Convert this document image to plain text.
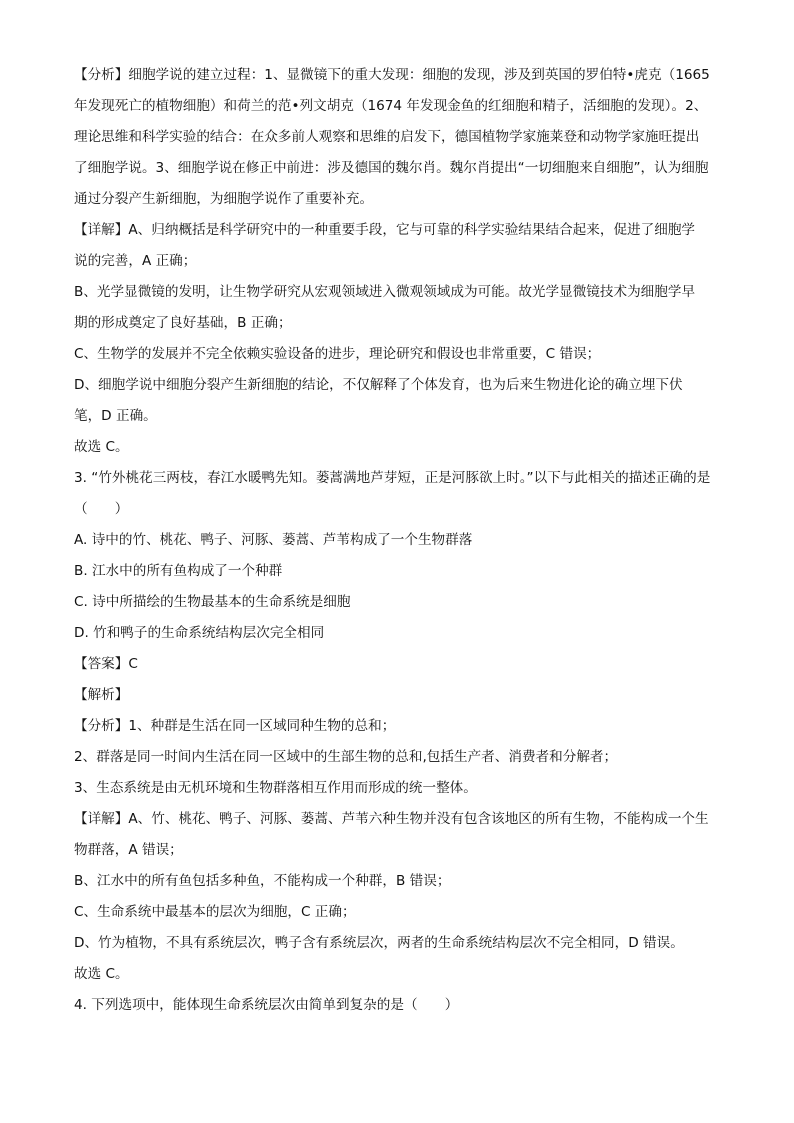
【分析】细胞学说的建立过程：1、显微镜下的重大发现：细胞的发现，涉及到英国的罗伯特•虎克（1665
年发现死亡的植物细胞）和荷兰的范•列文胡克（1674 年发现金鱼的红细胞和精子，活细胞的发现）。2、
理论思维和科学实验的结合：在众多前人观察和思维的启发下，德国植物学家施莱登和动物学家施旺提出
了细胞学说。3、细胞学说在修正中前进：涉及德国的魏尔肖。魏尔肖提出“一切细胞来自细胞”，认为细胞
通过分裂产生新细胞，为细胞学说作了重要补充。
【详解】A、归纳概括是科学研究中的一种重要手段，它与可靠的科学实验结果结合起来，促进了细胞学
说的完善，A 正确；
B、光学显微镜的发明，让生物学研究从宏观领域进入微观领域成为可能。故光学显微镜技术为细胞学早
期的形成奠定了良好基础，B 正确；
C、生物学的发展并不完全依赖实验设备的进步，理论研究和假设也非常重要，C 错误；
D、细胞学说中细胞分裂产生新细胞的结论，不仅解释了个体发育，也为后来生物进化论的确立埋下伏
笔，D 正确。
故选 C。
3. “竹外桃花三两枝，春江水暖鸭先知。蒌蒿满地芦芽短，正是河豚欲上时。”以下与此相关的描述正确的是
（　　）
A. 诗中的竹、桃花、鸭子、河豚、蒌蒿、芦苇构成了一个生物群落
B. 江水中的所有鱼构成了一个种群
C. 诗中所描绘的生物最基本的生命系统是细胞
D. 竹和鸭子的生命系统结构层次完全相同
【答案】C
【解析】
【分析】1、种群是生活在同一区域同种生物的总和；
2、群落是同一时间内生活在同一区域中的生部生物的总和,包括生产者、消费者和分解者；
3、生态系统是由无机环境和生物群落相互作用而形成的统一整体。
【详解】A、竹、桃花、鸭子、河豚、蒌蒿、芦苇六种生物并没有包含该地区的所有生物，不能构成一个生
物群落，A 错误；
B、江水中的所有鱼包括多种鱼，不能构成一个种群，B 错误；
C、生命系统中最基本的层次为细胞，C 正确；
D、竹为植物，不具有系统层次，鸭子含有系统层次，两者的生命系统结构层次不完全相同，D 错误。
故选 C。
4. 下列选项中，能体现生命系统层次由简单到复杂的是（　　）
